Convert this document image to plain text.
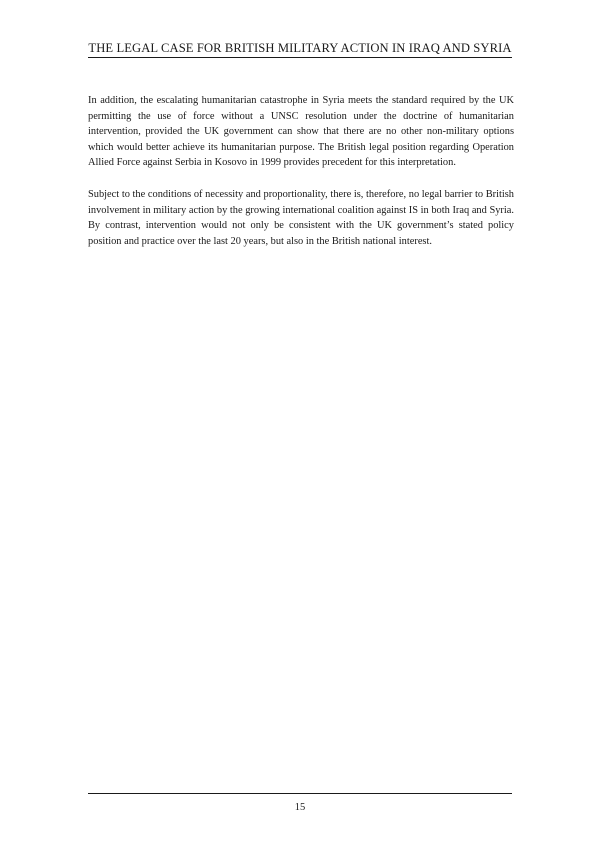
THE LEGAL CASE FOR BRITISH MILITARY ACTION IN IRAQ AND SYRIA

In addition, the escalating humanitarian catastrophe in Syria meets the standard required by the UK permitting the use of force without a UNSC resolution under the doctrine of humanitarian intervention, provided the UK government can show that there are no other non-military options which would better achieve its humanitarian purpose. The British legal position regarding Operation Allied Force against Serbia in Kosovo in 1999 provides precedent for this interpretation.

Subject to the conditions of necessity and proportionality, there is, therefore, no legal barrier to British involvement in military action by the growing international coalition against IS in both Iraq and Syria. By contrast, intervention would not only be consistent with the UK government’s stated policy position and practice over the last 20 years, but also in the British national interest.

15
